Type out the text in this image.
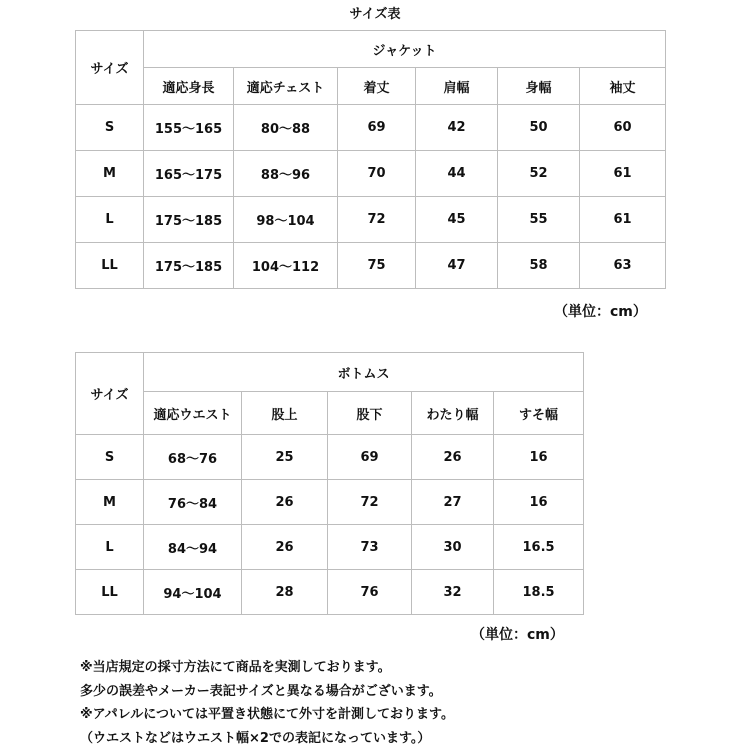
サイズ表
サイズ	ジャケット					
	適応身長	適応チェスト	着丈	肩幅	身幅	袖丈
S	155～165	80～88	69	42	50	60
M	165～175	88～96	70	44	52	61
L	175～185	98～104	72	45	55	61
LL	175～185	104～112	75	47	58	63
（単位：cm）
サイズ	ボトムス				
	適応ウエスト	股上	股下	わたり幅	すそ幅
S	68～76	25	69	26	16
M	76～84	26	72	27	16
L	84～94	26	73	30	16.5
LL	94～104	28	76	32	18.5
（単位：cm）
※当店規定の採寸方法にて商品を実測しております。
多少の誤差やメーカー表記サイズと異なる場合がございます。
※アパレルについては平置き状態にて外寸を計測しております。
（ウエストなどはウエスト幅×2での表記になっています。）
